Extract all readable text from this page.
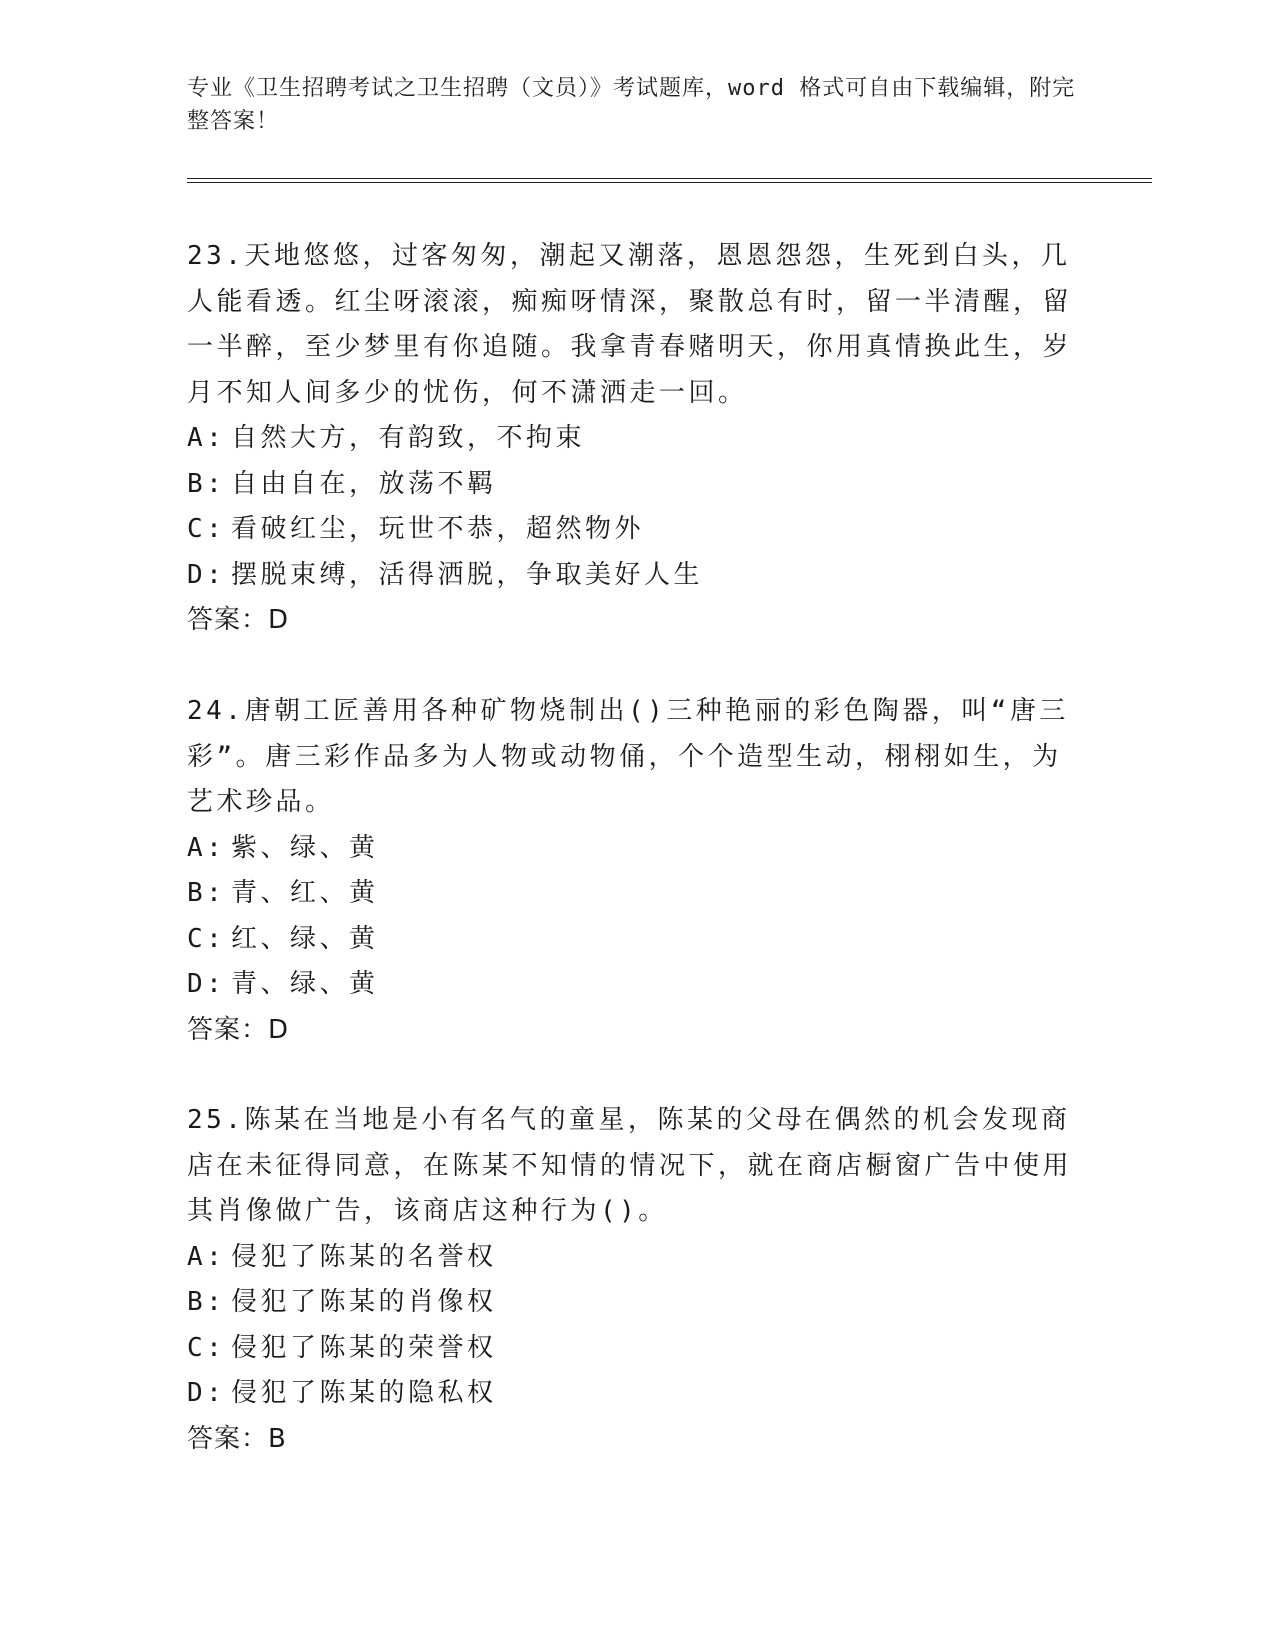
专业《卫生招聘考试之卫生招聘（文员）》考试题库，word 格式可自由下载编辑，附完整答案！

23.天地悠悠，过客匆匆，潮起又潮落，恩恩怨怨，生死到白头，几人能看透。红尘呀滚滚，痴痴呀情深，聚散总有时，留一半清醒，留一半醉，至少梦里有你追随。我拿青春赌明天，你用真情换此生，岁月不知人间多少的忧伤，何不潇洒走一回。

A: 自然大方，有韵致，不拘束

B: 自由自在，放荡不羁

C: 看破红尘，玩世不恭，超然物外

D: 摆脱束缚，活得洒脱，争取美好人生

答案：D

24.唐朝工匠善用各种矿物烧制出()三种艳丽的彩色陶器，叫“唐三彩”。唐三彩作品多为人物或动物俑，个个造型生动，栩栩如生，为艺术珍品。

A: 紫、绿、黄

B: 青、红、黄

C: 红、绿、黄

D: 青、绿、黄

答案：D

25.陈某在当地是小有名气的童星，陈某的父母在偶然的机会发现商店在未征得同意，在陈某不知情的情况下，就在商店橱窗广告中使用其肖像做广告，该商店这种行为()。

A: 侵犯了陈某的名誉权

B: 侵犯了陈某的肖像权

C: 侵犯了陈某的荣誉权

D: 侵犯了陈某的隐私权

答案：B
